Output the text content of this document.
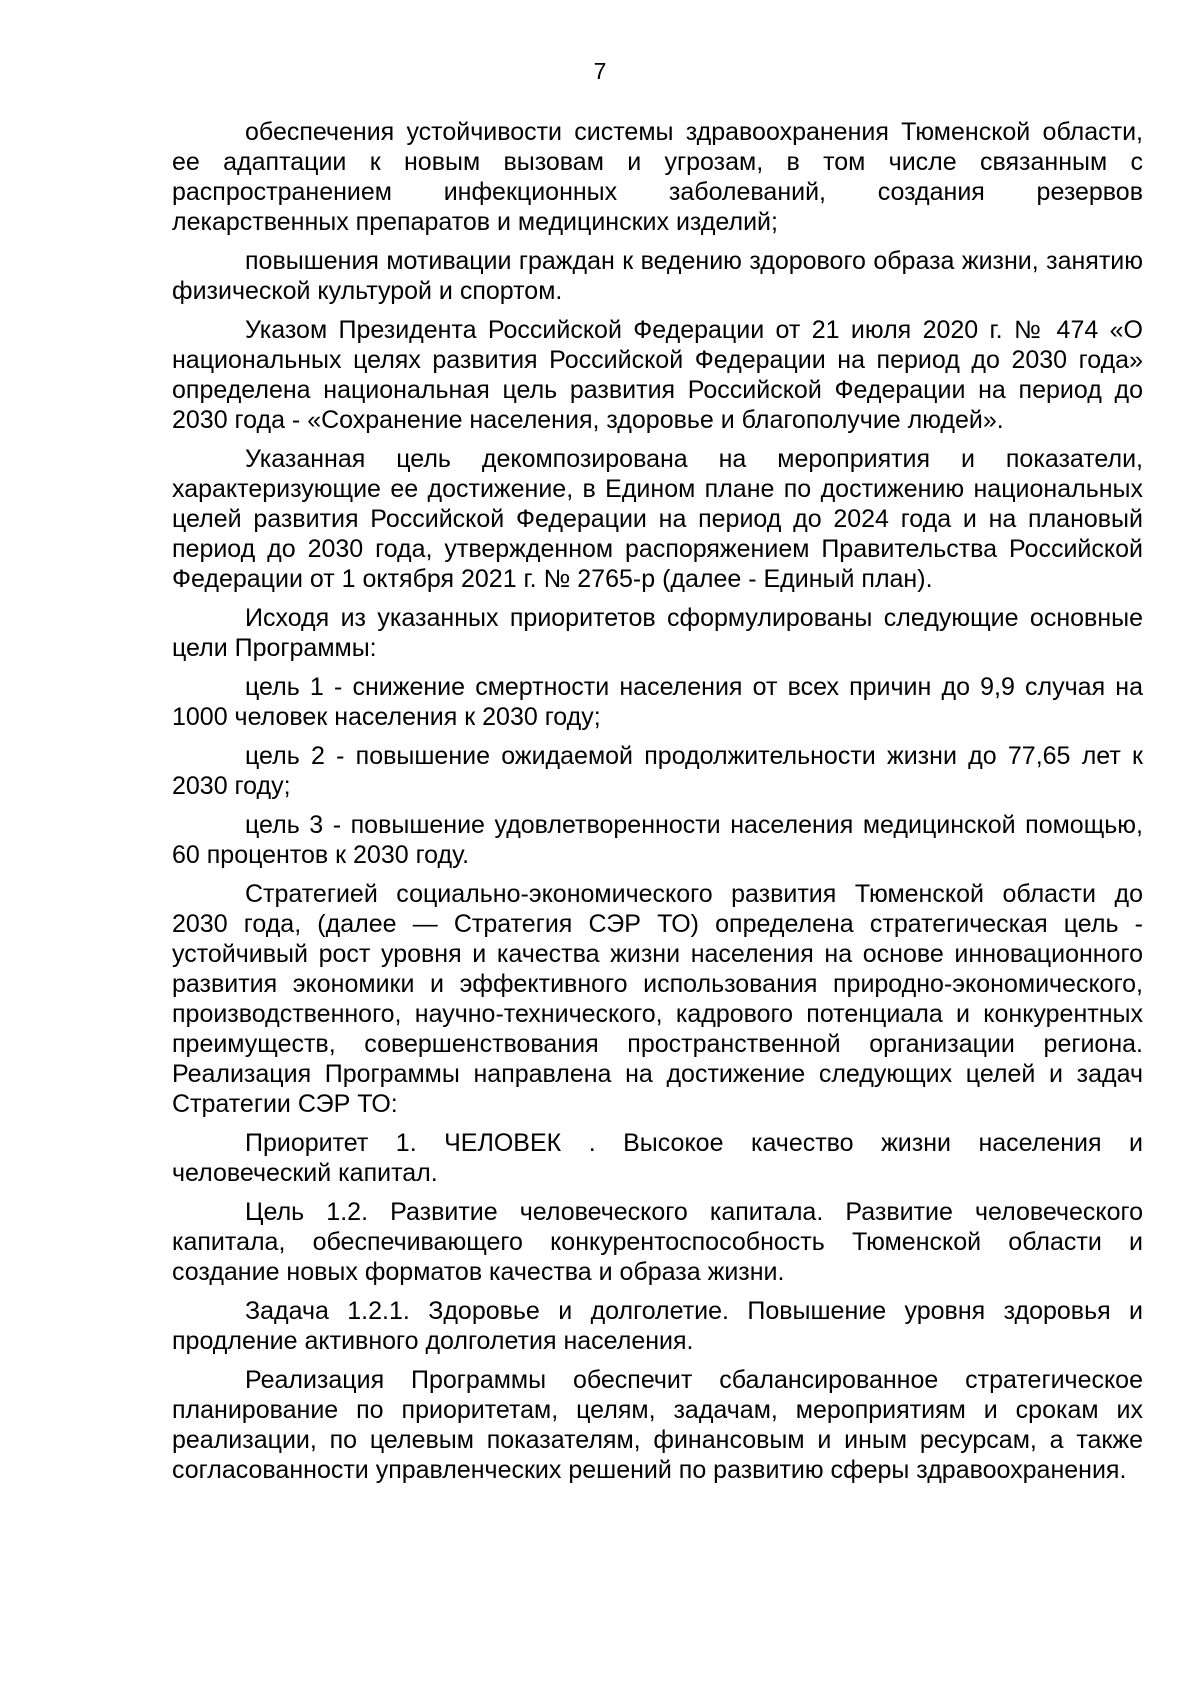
7

обеспечения устойчивости системы здравоохранения Тюменской области, ее адаптации к новым вызовам и угрозам, в том числе связанным с распространением инфекционных заболеваний, создания резервов лекарственных препаратов и медицинских изделий;

повышения мотивации граждан к ведению здорового образа жизни, занятию физической культурой и спортом.

Указом Президента Российской Федерации от 21 июля 2020 г. № 474 «О национальных целях развития Российской Федерации на период до 2030 года» определена национальная цель развития Российской Федерации на период до 2030 года - «Сохранение населения, здоровье и благополучие людей».

Указанная цель декомпозирована на мероприятия и показатели, характеризующие ее достижение, в Едином плане по достижению национальных целей развития Российской Федерации на период до 2024 года и на плановый период до 2030 года, утвержденном распоряжением Правительства Российской Федерации от 1 октября 2021 г. № 2765-р (далее - Единый план).

Исходя из указанных приоритетов сформулированы следующие основные цели Программы:

цель 1 - снижение смертности населения от всех причин до 9,9 случая на 1000 человек населения к 2030 году;

цель 2 - повышение ожидаемой продолжительности жизни до 77,65 лет к 2030 году;

цель 3 - повышение удовлетворенности населения медицинской помощью, 60 процентов к 2030 году.

Стратегией социально-экономического развития Тюменской области до 2030 года, (далее — Стратегия СЭР ТО) определена стратегическая цель - устойчивый рост уровня и качества жизни населения на основе инновационного развития экономики и эффективного использования природно-экономического, производственного, научно-технического, кадрового потенциала и конкурентных преимуществ, совершенствования пространственной организации региона. Реализация Программы направлена на достижение следующих целей и задач Стратегии СЭР ТО:

Приоритет 1. ЧЕЛОВЕК . Высокое качество жизни населения и человеческий капитал.

Цель 1.2. Развитие человеческого капитала. Развитие человеческого капитала, обеспечивающего конкурентоспособность Тюменской области и создание новых форматов качества и образа жизни.

Задача 1.2.1. Здоровье и долголетие. Повышение уровня здоровья и продление активного долголетия населения.

Реализация Программы обеспечит сбалансированное стратегическое планирование по приоритетам, целям, задачам, мероприятиям и срокам их реализации, по целевым показателям, финансовым и иным ресурсам, а также согласованности управленческих решений по развитию сферы здравоохранения.
